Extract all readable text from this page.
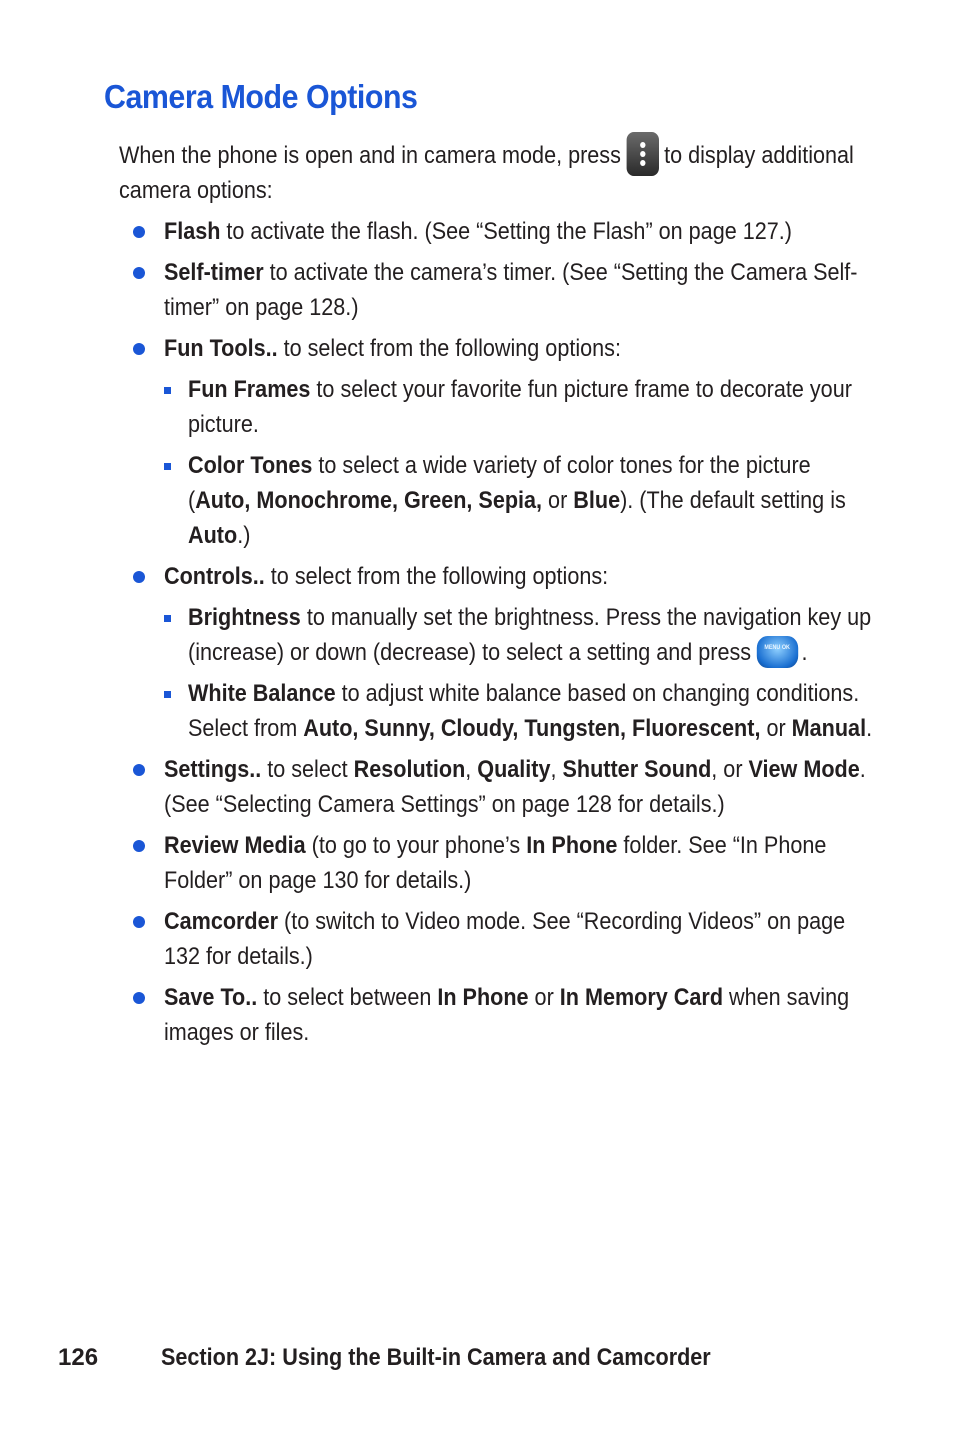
Camera Mode Options

When the phone is open and in camera mode, press to display additional camera options:

Flash to activate the flash. (See “Setting the Flash” on page 127.)
Self-timer to activate the camera’s timer. (See “Setting the Camera Self-timer” on page 128.)
Fun Tools.. to select from the following options:
Fun Frames to select your favorite fun picture frame to decorate your picture.
Color Tones to select a wide variety of color tones for the picture (Auto, Monochrome, Green, Sepia, or Blue). (The default setting is Auto.)
Controls.. to select from the following options:
Brightness to manually set the brightness. Press the navigation key up (increase) or down (decrease) to select a setting and pressMENU OK .
White Balance to adjust white balance based on changing conditions. Select from Auto, Sunny, Cloudy, Tungsten, Fluorescent, or Manual.
Settings.. to select Resolution, Quality, Shutter Sound, or View Mode. (See “Selecting Camera Settings” on page 128 for details.)
Review Media (to go to your phone’s In Phone folder. See “In Phone Folder” on page 130 for details.)
Camcorder (to switch to Video mode. See “Recording Videos” on page 132 for details.)
Save To.. to select between In Phone or In Memory Card when saving images or files.
126	Section 2J: Using the Built-in Camera and Camcorder
